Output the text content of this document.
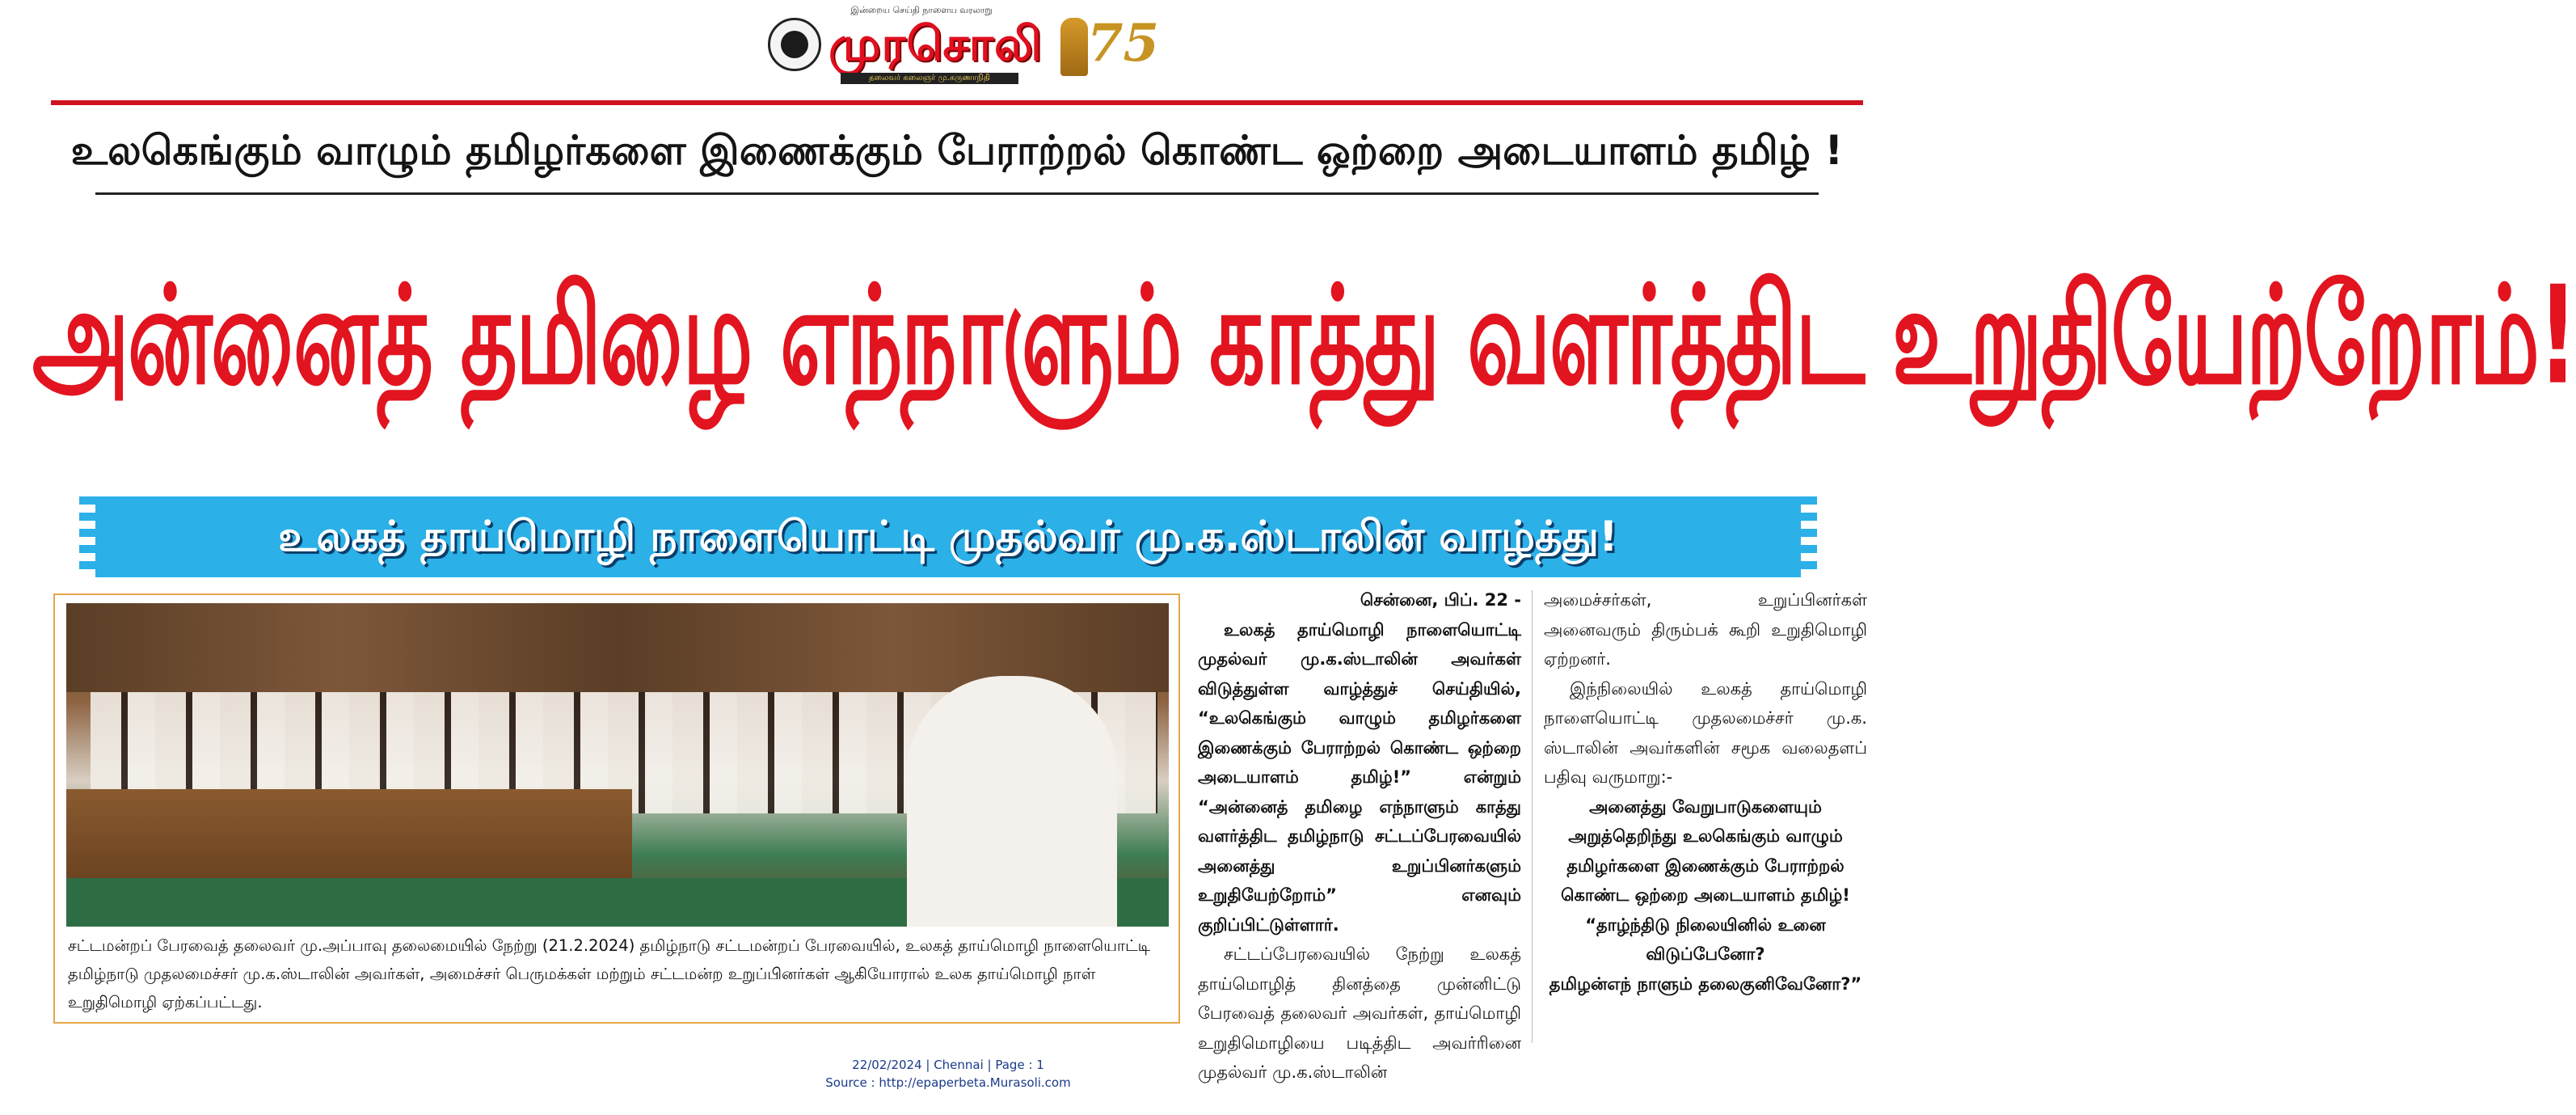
இன்றைய செய்தி நாளைய வரலாறு
முரசொலி
தலைவர் கலைஞர் மு.கருணாநிதி
75
உலகெங்கும் வாழும் தமிழர்களை இணைக்கும் பேராற்றல் கொண்ட ஒற்றை அடையாளம் தமிழ் !
அன்னைத் தமிழை எந்நாளும் காத்து வளர்த்திட உறுதியேற்றோம்!
உலகத் தாய்மொழி நாளையொட்டி முதல்வர் மு.க.ஸ்டாலின் வாழ்த்து!
சட்டமன்றப் பேரவைத் தலைவர் மு.அப்பாவு தலைமையில் நேற்று (21.2.2024) தமிழ்நாடு சட்டமன்றப் பேரவையில், உலகத் தாய்மொழி நாளையொட்டி தமிழ்நாடு முதலமைச்சர் மு.க.ஸ்டாலின் அவர்கள், அமைச்சர் பெருமக்கள் மற்றும் சட்டமன்ற உறுப்பினர்கள் ஆகியோரால் உலக தாய்மொழி நாள் உறுதிமொழி ஏற்கப்பட்டது.

சென்னை, பிப். 22 -

உலகத் தாய்மொழி நாளையொட்டி முதல்வர் மு.க.ஸ்டாலின் அவர்கள் விடுத்துள்ள வாழ்த்துச் செய்தியில், “உலகெங்கும் வாழும் தமிழர்களை இணைக்கும் பேராற்றல் கொண்ட ஒற்றை அடையாளம் தமிழ்!” என்றும் “அன்னைத் தமிழை எந்நாளும் காத்து வளர்த்திட தமிழ்நாடு சட்டப்பேரவையில் அனைத்து உறுப்பினர்களும் உறுதியேற்றோம்” எனவும் குறிப்பிட்டுள்ளார்.

சட்டப்பேரவையில் நேற்று உலகத் தாய்மொழித் தினத்தை முன்னிட்டு பேரவைத் தலைவர் அவர்கள், தாய்மொழி உறுதிமொழியை படித்திட அவர்ரினை முதல்வர் மு.க.ஸ்டாலின்

அமைச்சர்கள், உறுப்பினர்கள் அனைவரும் திரும்பக் கூறி உறுதிமொழி ஏற்றனர்.

இந்நிலையில் உலகத் தாய்மொழி நாளையொட்டி முதலமைச்சர் மு.க. ஸ்டாலின் அவர்களின் சமூக வலைதளப் பதிவு வருமாறு:-

அனைத்து வேறுபாடுகளையும் அறுத்தெறிந்து உலகெங்கும் வாழும் தமிழர்களை இணைக்கும் பேராற்றல் கொண்ட ஒற்றை அடையாளம் தமிழ்!

“தாழ்ந்திடு நிலையினில் உனை விடுப்பேனோ?

தமிழன்எந் நாளும் தலைகுனிவேனோ?”

22/02/2024 | Chennai | Page : 1
Source : http://epaperbeta.Murasoli.com
